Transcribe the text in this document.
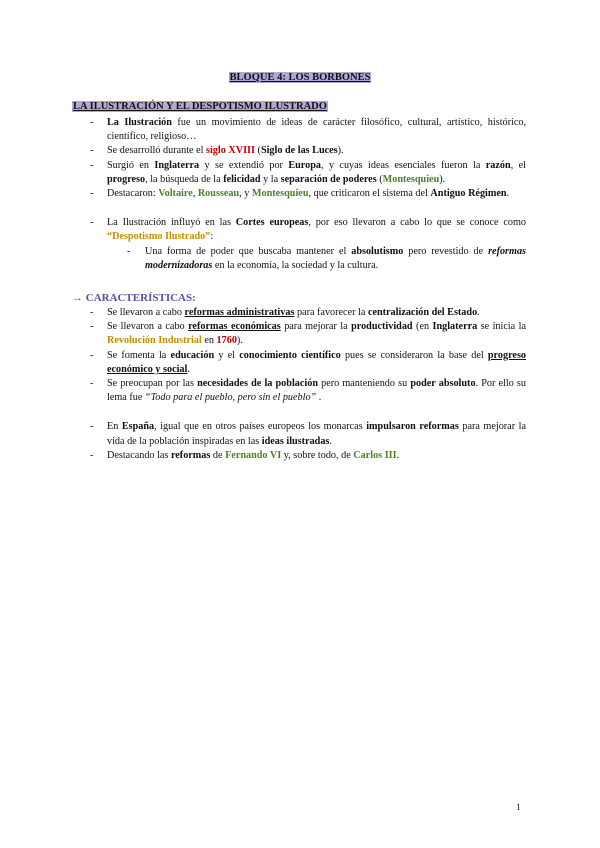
BLOQUE 4: LOS BORBONES
LA ILUSTRACIÓN Y EL DESPOTISMO ILUSTRADO
- La Ilustración fue un movimiento de ideas de carácter filosófico, cultural, artístico, histórico, científico, religioso…
- Se desarrolló durante el siglo XVIII (Siglo de las Luces).
- Surgió en Inglaterra y se extendió por Europa, y cuyas ideas esenciales fueron la razón, el progreso, la búsqueda de la felicidad y la separación de poderes (Montesquieu).
- Destacaron: Voltaire, Rousseau, y Montesquieu, que criticaron el sistema del Antiguo Régimen.
- La Ilustración influyó en las Cortes europeas, por eso llevaron a cabo lo que se conoce como “Despotismo Ilustrado”:
- Una forma de poder que buscaba mantener el absolutismo pero revestido de reformas modernizadoras en la economía, la sociedad y la cultura.
→ CARACTERÍSTICAS:
- Se llevaron a cabo reformas administrativas para favorecer la centralización del Estado.
- Se llevaron a cabo reformas económicas para mejorar la productividad (en Inglaterra se inicia la Revolución Industrial en 1760).
- Se fomenta la educación y el conocimiento científico pues se consideraron la base del progreso económico y social.
- Se preocupan por las necesidades de la población pero manteniendo su poder absoluto. Por ello su lema fue “Todo para el pueblo, pero sin el pueblo” .
- En España, igual que en otros países europeos los monarcas impulsaron reformas para mejorar la vida de la población inspiradas en las ideas ilustradas.
- Destacando las reformas de Fernando VI y, sobre todo, de Carlos III.
1
